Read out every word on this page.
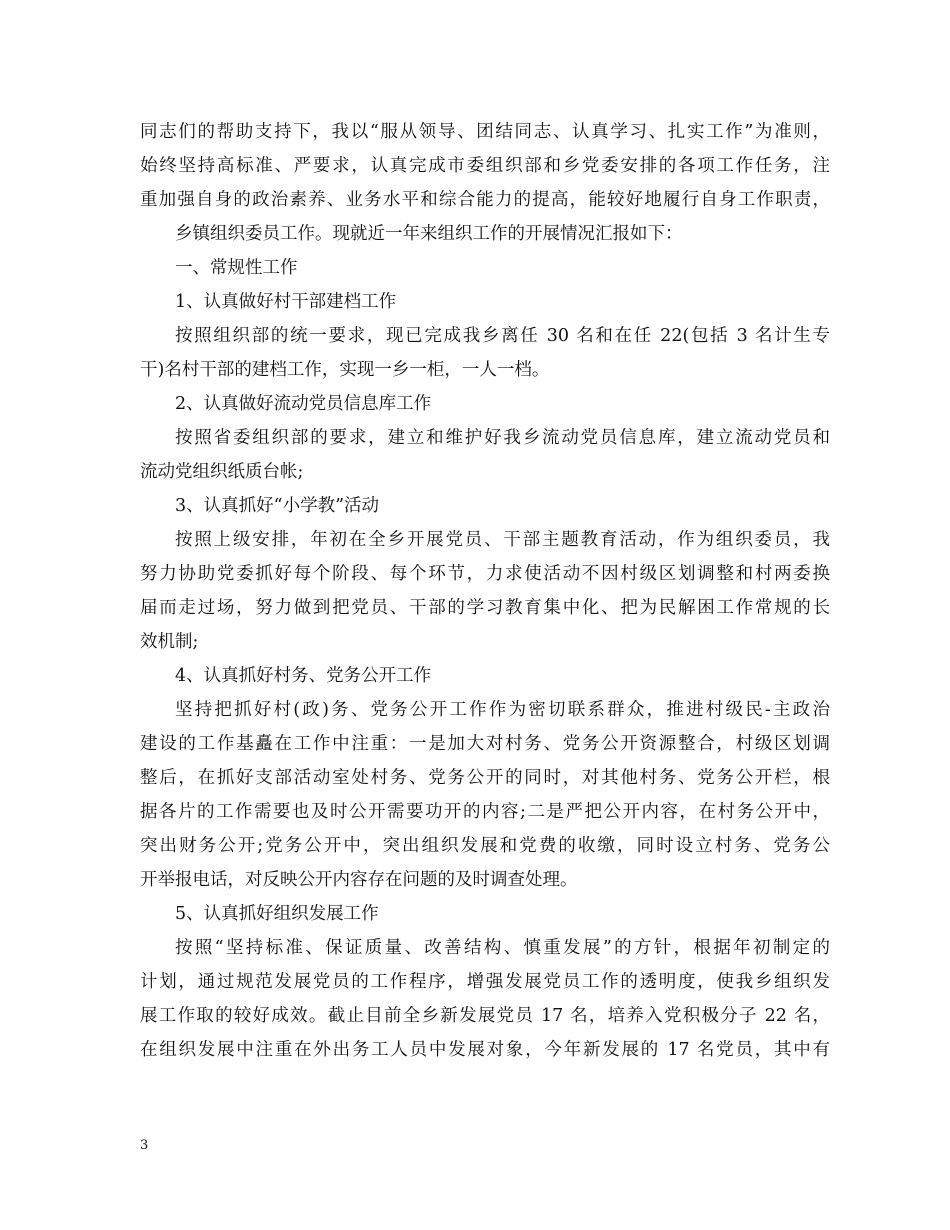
同志们的帮助支持下，我以“服从领导、团结同志、认真学习、扎实工作”为准则，
始终坚持高标准、严要求，认真完成市委组织部和乡党委安排的各项工作任务，注
重加强自身的政治素养、业务水平和综合能力的提高，能较好地履行自身工作职责，
乡镇组织委员工作。现就近一年来组织工作的开展情况汇报如下：
一、常规性工作
1、认真做好村干部建档工作
按照组织部的统一要求，现已完成我乡离任 30 名和在任 22(包括 3 名计生专
干)名村干部的建档工作，实现一乡一柜，一人一档。
2、认真做好流动党员信息库工作
按照省委组织部的要求，建立和维护好我乡流动党员信息库，建立流动党员和
流动党组织纸质台帐;
3、认真抓好“小学教”活动
按照上级安排，年初在全乡开展党员、干部主题教育活动，作为组织委员，我
努力协助党委抓好每个阶段、每个环节，力求使活动不因村级区划调整和村两委换
届而走过场，努力做到把党员、干部的学习教育集中化、把为民解困工作常规的长
效机制;
4、认真抓好村务、党务公开工作
坚持把抓好村(政)务、党务公开工作作为密切联系群众，推进村级民-主政治
建设的工作基矗在工作中注重：一是加大对村务、党务公开资源整合，村级区划调
整后，在抓好支部活动室处村务、党务公开的同时，对其他村务、党务公开栏，根
据各片的工作需要也及时公开需要功开的内容;二是严把公开内容，在村务公开中，
突出财务公开;党务公开中，突出组织发展和党费的收缴，同时设立村务、党务公
开举报电话，对反映公开内容存在问题的及时调查处理。
5、认真抓好组织发展工作
按照“坚持标准、保证质量、改善结构、慎重发展”的方针，根据年初制定的
计划，通过规范发展党员的工作程序，增强发展党员工作的透明度，使我乡组织发
展工作取的较好成效。截止目前全乡新发展党员 17 名，培养入党积极分子 22 名，
在组织发展中注重在外出务工人员中发展对象，今年新发展的 17 名党员，其中有
3
